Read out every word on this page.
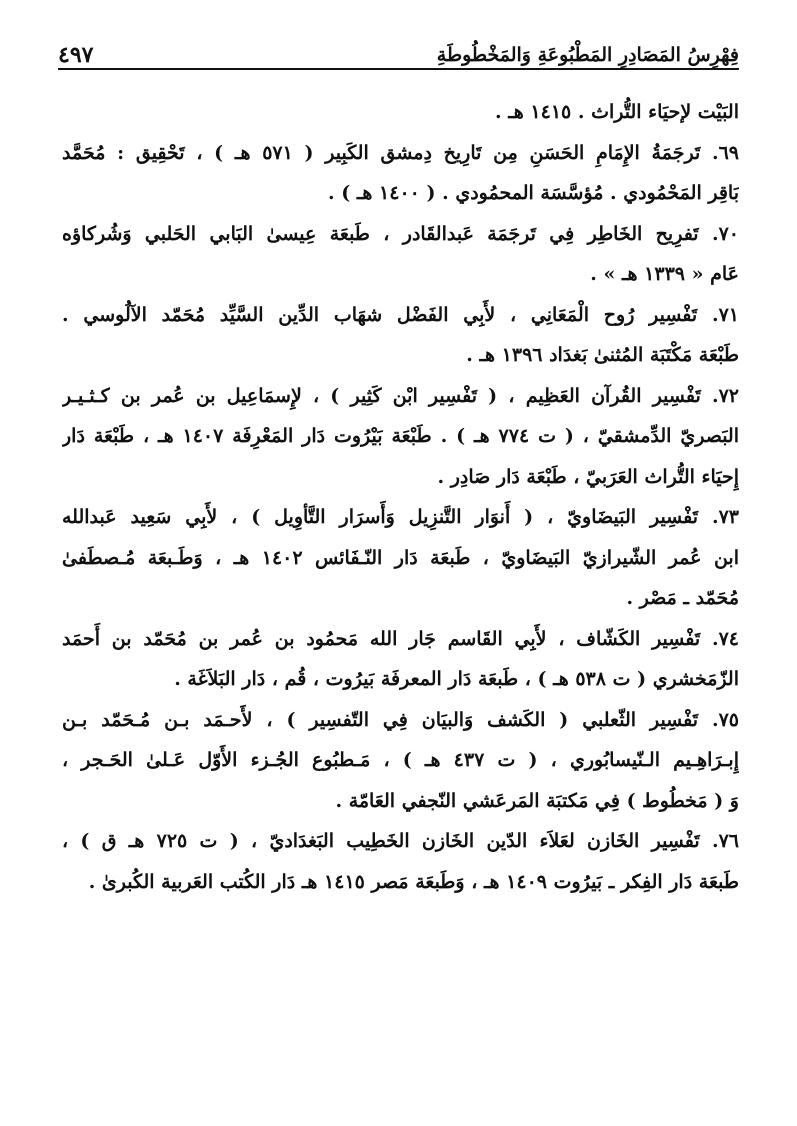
فِهْرِسُ المَصَادِرِ المَطْبُوعَةِ وَالمَخْطُوطَةِ
٤٩٧
البَيْت لإحيَاء التُّراث . ١٤١٥ هـ .
٦٩. تَرجَمَةُ الإِمَامِ الحَسَنِ مِن تَارِيخ دِمشق الكَبِير ( ٥٧١ هـ ) ، تَحْقِيق : مُحَمَّد
بَاقِر المَحْمُودي . مُؤسَّسَة المحمُودي . ( ١٤٠٠ هـ ) .
٧٠. تَفرِيح الخَاطِر فِي تَرجَمَة عَبدالقَادر ، طَبعَة عِيسىٰ البَابي الحَلبي وَشُركاؤه
عَام « ١٣٣٩ هـ » .
٧١. تَفْسِير رُوح الْمَعَانِي ، لأَبِي الفَضْل شهَاب الدِّين السَّيِّد مُحَمّد الآلُوسي .
طَبْعَة مَكْتَبَة المُثنىٰ بَغدَاد ١٣٩٦ هـ .
٧٢. تَفْسِير القُرآن العَظِيم ، ( تَفْسِير ابْن كَثِير ) ، لإِسمَاعِيل بن عُمر بن كـثـيـر
البَصريّ الدِّمشقيّ ، ( ت ٧٧٤ هـ ) . طَبْعَة بَيْرُوت دَار المَعْرِفَة ١٤٠٧ هـ ، طَبْعَة دَار
إِحيَاء التُّراث العَرَبيّ ، طَبْعَة دَار صَادِر .
٧٣. تَفْسِير البَيضَاويّ ، ( أَنوَار التَّنزِيل وَأَسرَار التَّأوِيل ) ، لأَبِي سَعِيد عَبدالله
ابن عُمر الشّيرازيّ البَيضَاويّ ، طَبعَة دَار النّـفَائس ١٤٠٢ هـ ، وَطَـبعَة مُـصطَفىٰ
مُحَمّد ـ مَصْر .
٧٤. تَفْسِير الكَشّاف ، لأَبِي القَاسم جَار الله مَحمُود بن عُمر بن مُحَمّد بن أَحمَد
الزّمَخشري ( ت ٥٣٨ هـ ) ، طَبعَة دَار المعرفَة بَيرُوت ، قُم ، دَار البَلاَغَة .
٧٥. تَفْسِير الثّعلبي ( الكَشف وَالبيَان فِي التّفسِير ) ، لأَحـمَد بـن مُـحَمّد بـن
إِبـرَاهِـيم الـنّيسابُوري ، ( ت ٤٣٧ هـ ) ، مَـطبُوع الجُـزء الأَوّل عَـلىٰ الحَـجر ،
وَ ( مَخطُوط ) فِي مَكتبَة المَرعَشي النّجفي العَامّة .
٧٦. تَفْسِير الخَازن لعَلاَء الدّين الخَازن الخَطِيب البَغدَاديّ ، ( ت ٧٢٥ هـ ق ) ،
طَبعَة دَار الفِكر ـ بَيرُوت ١٤٠٩ هـ ، وَطَبعَة مَصر ١٤١٥ هـ دَار الكُتب العَربية الكُبرىٰ .
